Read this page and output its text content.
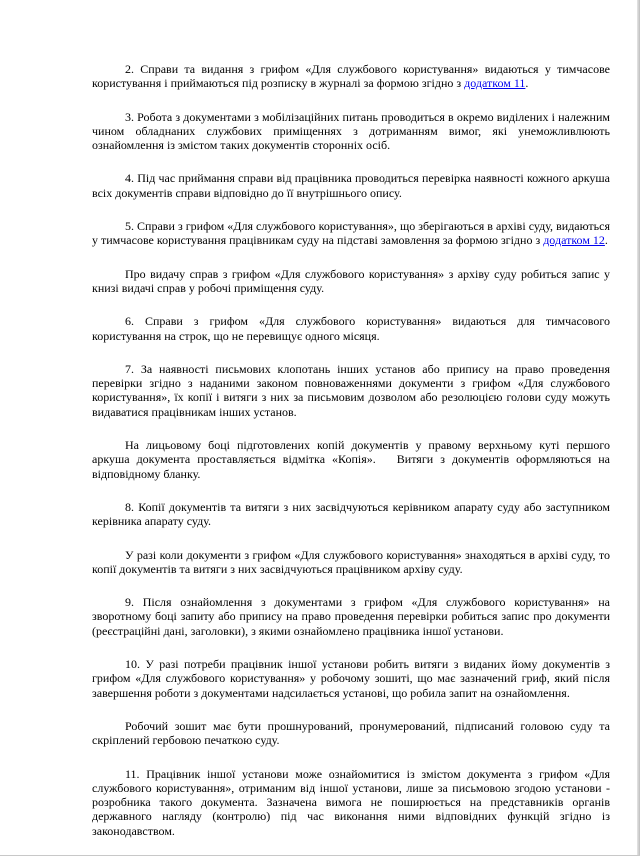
2. Справи та видання з грифом «Для службового користування» видаються у тимчасове користування і приймаються під розписку в журналі за формою згідно з додатком 11.

3. Робота з документами з мобілізаційних питань проводиться в окремо виділених і належним чином обладнаних службових приміщеннях з дотриманням вимог, які унеможливлюють ознайомлення із змістом таких документів сторонніх осіб.

4. Під час приймання справи від працівника проводиться перевірка наявності кожного аркуша всіх документів справи відповідно до її внутрішнього опису.

5. Справи з грифом «Для службового користування», що зберігаються в архіві суду, видаються у тимчасове користування працівникам суду на підставі замовлення за формою згідно з додатком 12.

Про видачу справ з грифом «Для службового користування» з архіву суду робиться запис у книзі видачі справ у робочі приміщення суду.

6. Справи з грифом «Для службового користування» видаються для тимчасового користування на строк, що не перевищує одного місяця.

7. За наявності письмових клопотань інших установ або припису на право проведення перевірки згідно з наданими законом повноваженнями документи з грифом «Для службового користування», їх копії і витяги з них за письмовим дозволом або резолюцією голови суду можуть видаватися працівникам інших установ.

На лицьовому боці підготовлених копій документів у правому верхньому куті першого аркуша документа проставляється відмітка «Копія».   Витяги з документів оформляються на відповідному бланку.

8. Копії документів та витяги з них засвідчуються керівником апарату суду або заступником керівника апарату суду.

У разі коли документи з грифом «Для службового користування» знаходяться в архіві суду, то копії документів та витяги з них засвідчуються працівником архіву суду.

9. Після ознайомлення з документами з грифом «Для службового користування» на зворотному боці запиту або припису на право проведення перевірки робиться запис про документи (реєстраційні дані, заголовки), з якими ознайомлено працівника іншої установи.

10. У разі потреби працівник іншої установи робить витяги з виданих йому документів з грифом «Для службового користування» у робочому зошиті, що має зазначений гриф, який після завершення роботи з документами надсилається установі, що робила запит на ознайомлення.

Робочий зошит має бути прошнурований, пронумерований, підписаний головою суду та скріплений гербовою печаткою суду.

11. Працівник іншої установи може ознайомитися із змістом документа з грифом «Для службового користування», отриманим від іншої установи, лише за письмовою згодою установи - розробника такого документа. Зазначена вимога не поширюється на представників органів державного нагляду (контролю) під час виконання ними відповідних функцій згідно із законодавством.
